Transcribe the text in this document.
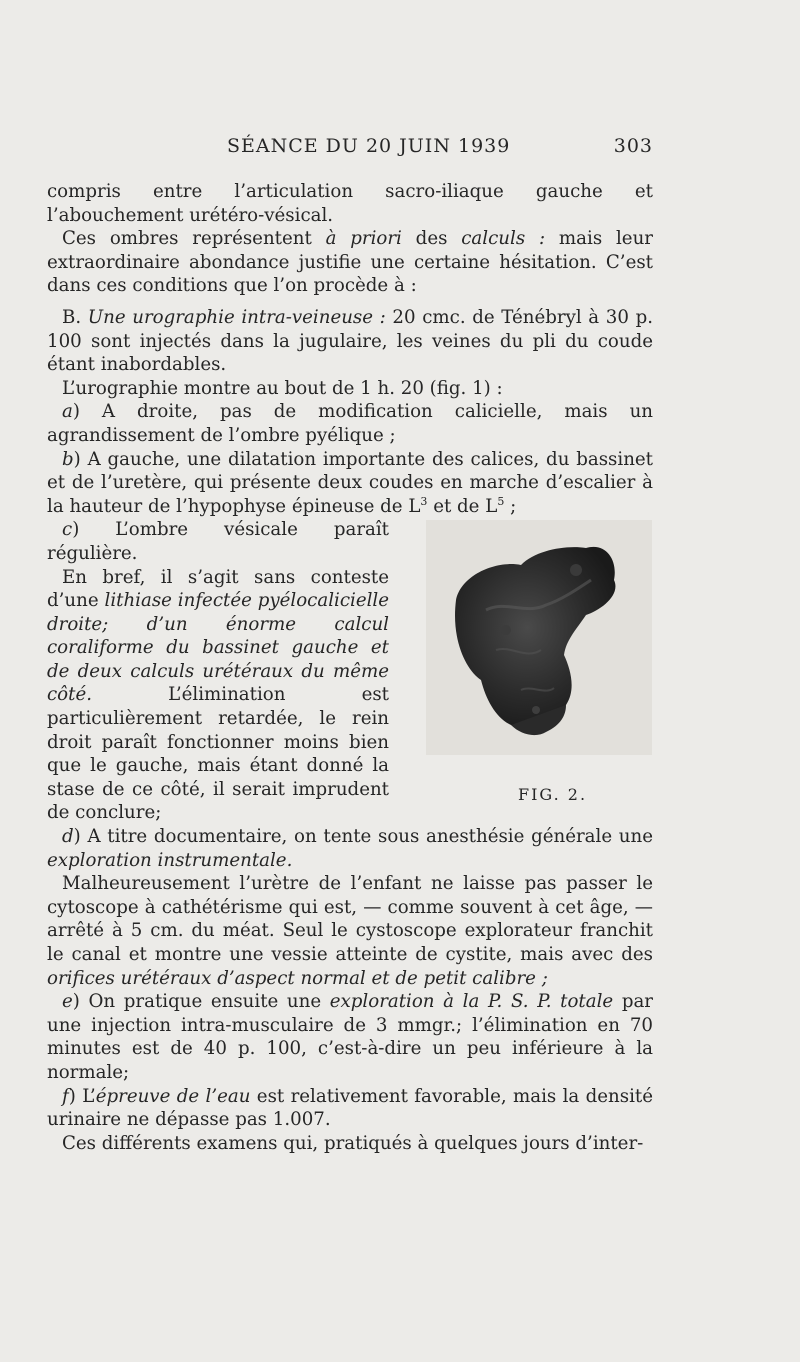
SÉANCE DU 20 JUIN 1939	303
FIG. 2.

compris entre l’articulation sacro-iliaque gauche et l’abouchement urétéro-vésical.

Ces ombres représentent à priori des calculs : mais leur extraordinaire abondance justifie une certaine hésitation. C’est dans ces conditions que l’on procède à :

B. Une urographie intra-veineuse : 20 cmc. de Ténébryl à 30 p. 100 sont injectés dans la jugulaire, les veines du pli du coude étant inabordables.

L’urographie montre au bout de 1 h. 20 (fig. 1) :

a) A droite, pas de modification calicielle, mais un agrandissement de l’ombre pyélique ;

b) A gauche, une dilatation importante des calices, du bassinet et de l’uretère, qui présente deux coudes en marche d’escalier à la hauteur de l’hypophyse épineuse de $L^3$ et de $L^5$ ;

c) L’ombre vésicale paraît régulière.

En bref, il s’agit sans conteste d’une lithiase infectée pyélocalicielle droite; d’un énorme calcul coraliforme du bassinet gauche et de deux calculs urétéraux du même côté. L’élimination est particulièrement retardée, le rein droit paraît fonctionner moins bien que le gauche, mais étant donné la stase de ce côté, il serait imprudent de conclure;

d) A titre documentaire, on tente sous anesthésie générale une exploration instrumentale.

Malheureusement l’urètre de l’enfant ne laisse pas passer le cytoscope à cathétérisme qui est, — comme souvent à cet âge, — arrêté à 5 cm. du méat. Seul le cystoscope explorateur franchit le canal et montre une vessie atteinte de cystite, mais avec des orifices urétéraux d’aspect normal et de petit calibre ;

e) On pratique ensuite une exploration à la P. S. P. totale par une injection intra-musculaire de 3 mmgr.; l’élimination en 70 minutes est de 40 p. 100, c’est-à-dire un peu inférieure à la normale;

f) L’épreuve de l’eau est relativement favorable, mais la densité urinaire ne dépasse pas 1.007.

Ces différents examens qui, pratiqués à quelques jours d’inter-
